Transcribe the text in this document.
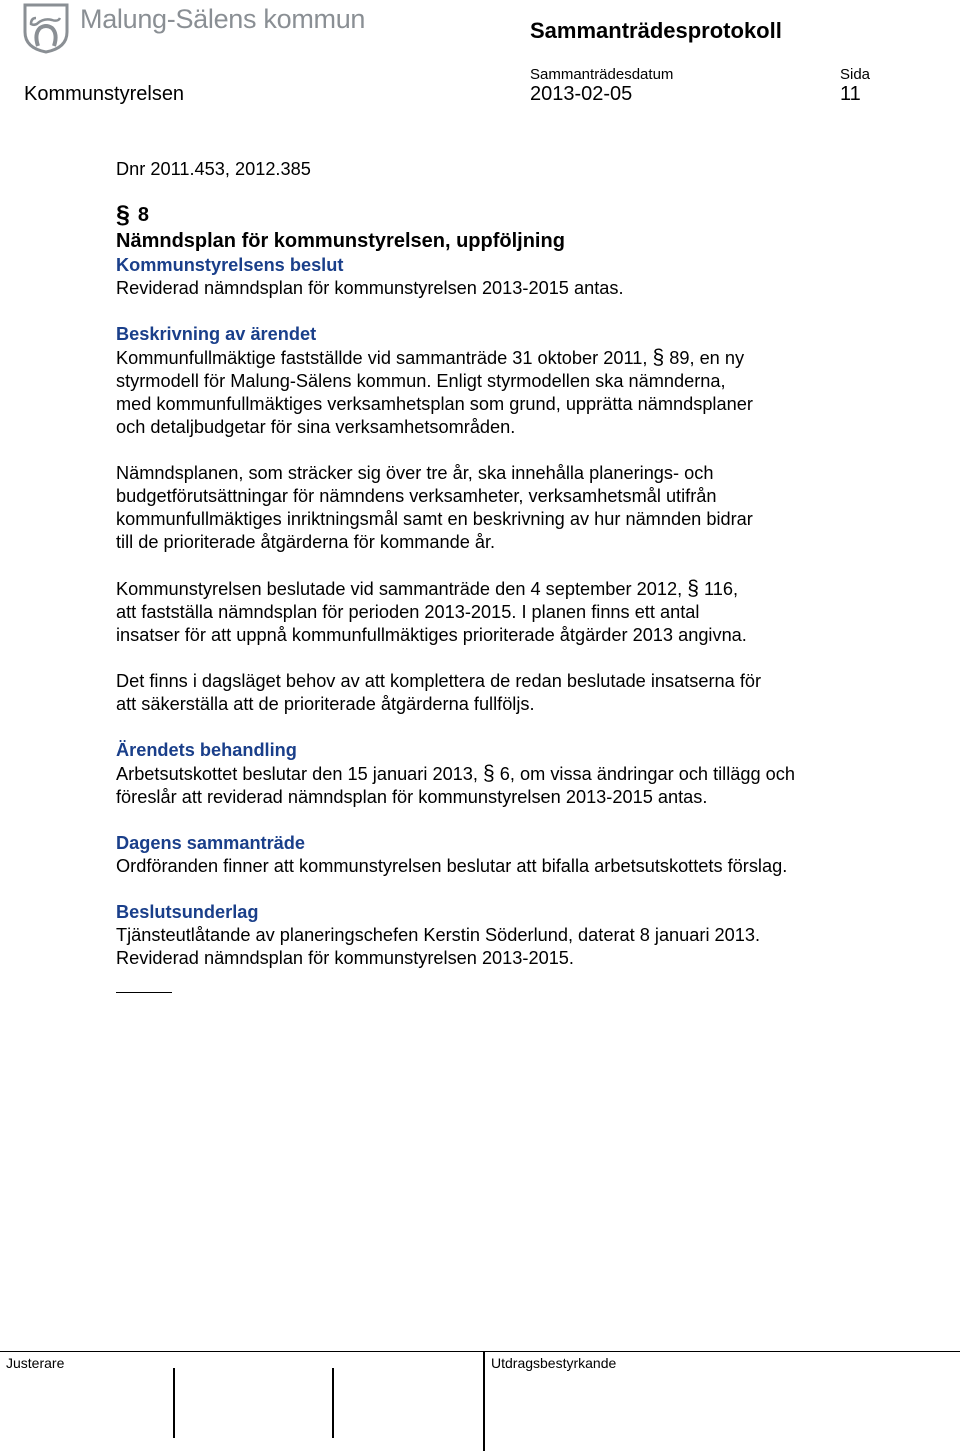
Malung-Sälens kommun	Sammanträdesprotokoll
Sammanträdesdatum	Sida
Kommunstyrelsen	2013-02-05	11

Dnr 2011.453, 2012.385

§ 8

Nämndsplan för kommunstyrelsen, uppföljning

Kommunstyrelsens beslut

Reviderad nämndsplan för kommunstyrelsen 2013-2015 antas.

Beskrivning av ärendet

Kommunfullmäktige fastställde vid sammanträde 31 oktober 2011, § 89, en ny

styrmodell för Malung-Sälens kommun. Enligt styrmodellen ska nämnderna,

med kommunfullmäktiges verksamhetsplan som grund, upprätta nämndsplaner

och detaljbudgetar för sina verksamhetsområden.

Nämndsplanen, som sträcker sig över tre år, ska innehålla planerings- och

budgetförutsättningar för nämndens verksamheter, verksamhetsmål utifrån

kommunfullmäktiges inriktningsmål samt en beskrivning av hur nämnden bidrar

till de prioriterade åtgärderna för kommande år.

Kommunstyrelsen beslutade vid sammanträde den 4 september 2012, § 116,

att fastställa nämndsplan för perioden 2013-2015. I planen finns ett antal

insatser för att uppnå kommunfullmäktiges prioriterade åtgärder 2013 angivna.

Det finns i dagsläget behov av att komplettera de redan beslutade insatserna för

att säkerställa att de prioriterade åtgärderna fullföljs.

Ärendets behandling

Arbetsutskottet beslutar den 15 januari 2013, § 6, om vissa ändringar och tillägg och

föreslår att reviderad nämndsplan för kommunstyrelsen 2013-2015 antas.

Dagens sammanträde

Ordföranden finner att kommunstyrelsen beslutar att bifalla arbetsutskottets förslag.

Beslutsunderlag

Tjänsteutlåtande av planeringschefen Kerstin Söderlund, daterat 8 januari 2013.

Reviderad nämndsplan för kommunstyrelsen 2013-2015.

Justerare	Utdragsbestyrkande
